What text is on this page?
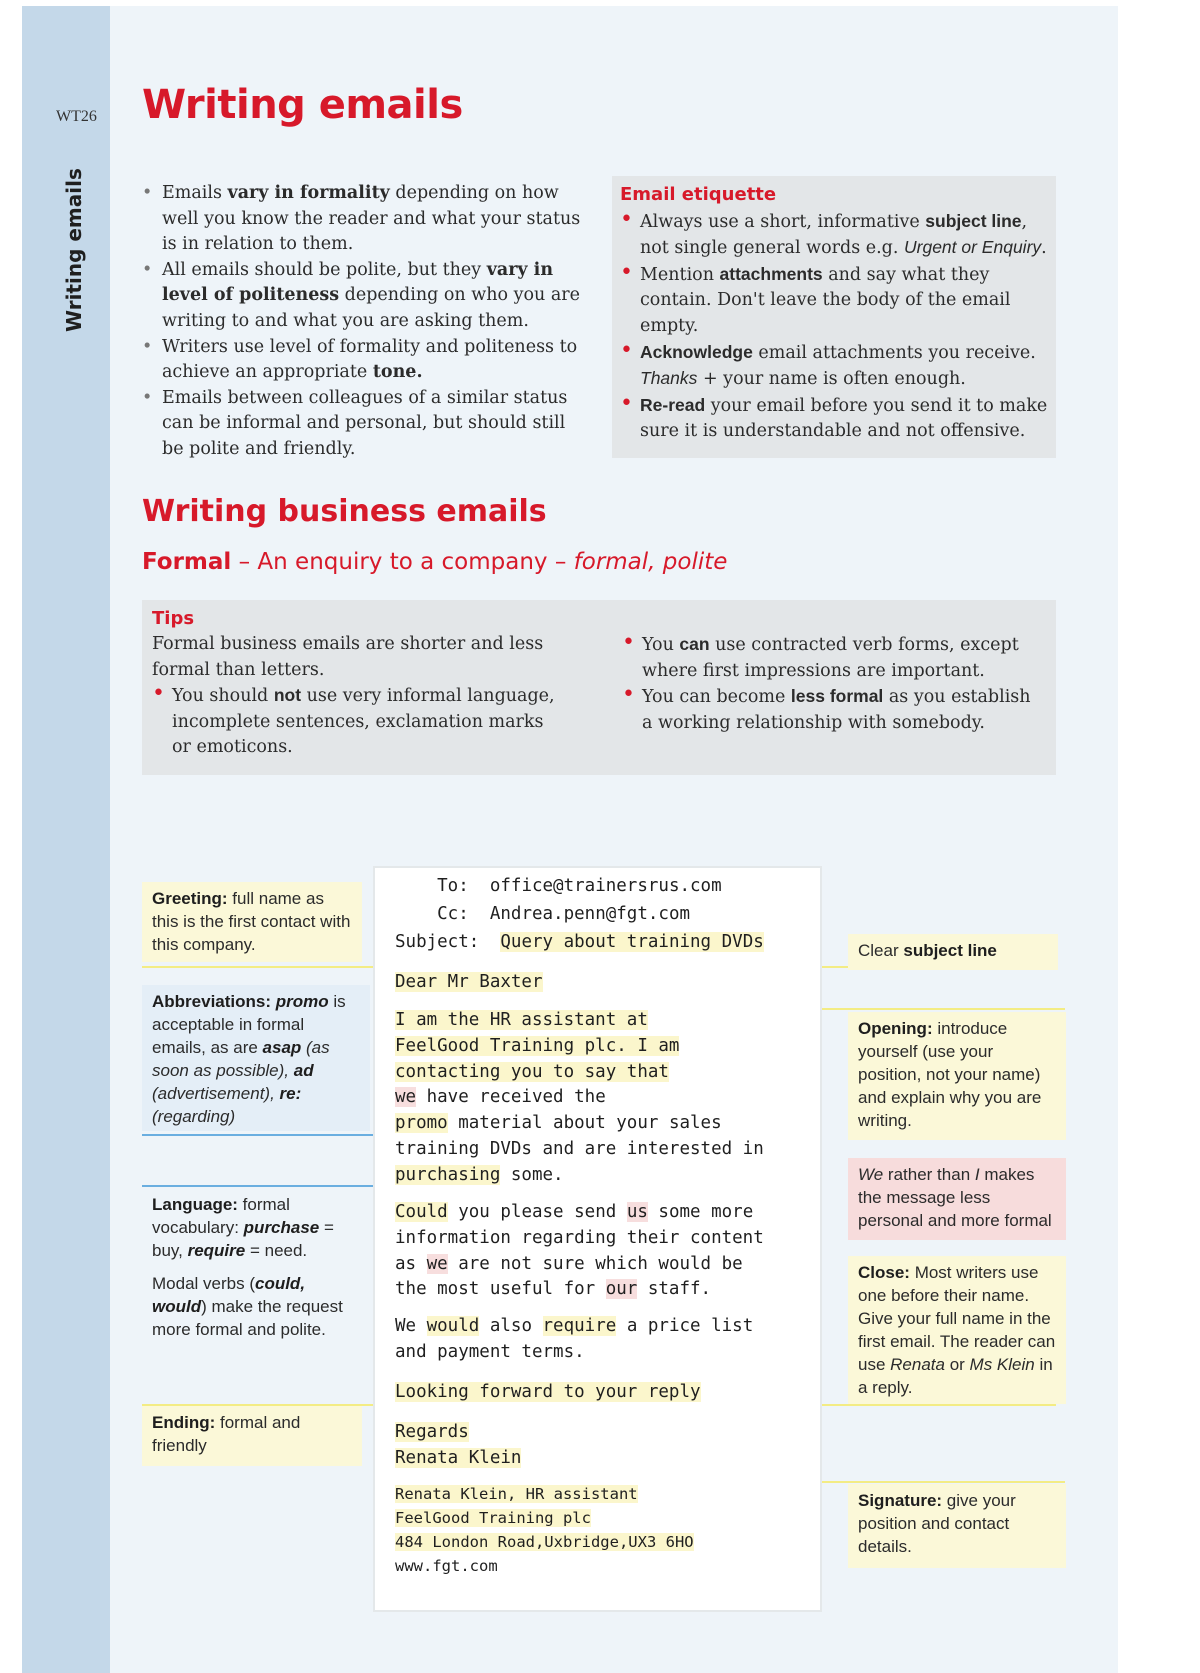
Writing emails
WT26 Writing emails
• Emails vary in formality depending on how well you know the reader and what your status is in relation to them.
• All emails should be polite, but they vary in level of politeness depending on who you are writing to and what you are asking them.
• Writers use level of formality and politeness to achieve an appropriate tone.
• Emails between colleagues of a similar status can be informal and personal, but should still be polite and friendly.
Email etiquette
• Always use a short, informative subject line, not single general words e.g. Urgent or Enquiry.
• Mention attachments and say what they contain. Don't leave the body of the email empty.
• Acknowledge email attachments you receive. Thanks + your name is often enough.
• Re-read your email before you send it to make sure it is understandable and not offensive.
Writing business emails
Formal – An enquiry to a company – formal, polite
Tips
Formal business emails are shorter and less formal than letters.
• You should not use very informal language, incomplete sentences, exclamation marks or emoticons.
• You can use contracted verb forms, except where first impressions are important.
• You can become less formal as you establish a working relationship with somebody.
To: office@trainersrus.com
Cc: Andrea.penn@fgt.com
Subject: Query about training DVDs
Dear Mr Baxter
I am the HR assistant at
FeelGood Training plc. I am
contacting you to say that
we have received the
promo material about your sales
training DVDs and are interested in
purchasing some.
Could you please send us some more
information regarding their content
as we are not sure which would be
the most useful for our staff.
We would also require a price list
and payment terms.
Looking forward to your reply
Regards
Renata Klein
Renata Klein, HR assistant
FeelGood Training plc
484 London Road,Uxbridge,UX3 6HO
www.fgt.com
Greeting: full name as this is the first contact with this company.
Abbreviations: promo is acceptable in formal emails, as are asap (as soon as possible), ad (advertisement), re: (regarding)
Language: formal vocabulary: purchase = buy, require = need.
Modal verbs (could, would) make the request more formal and polite.
Ending: formal and friendly
Clear subject line
Opening: introduce yourself (use your position, not your name) and explain why you are writing.
We rather than I makes the message less personal and more formal
Close: Most writers use one before their name. Give your full name in the first email. The reader can use Renata or Ms Klein in a reply.
Signature: give your position and contact details.
